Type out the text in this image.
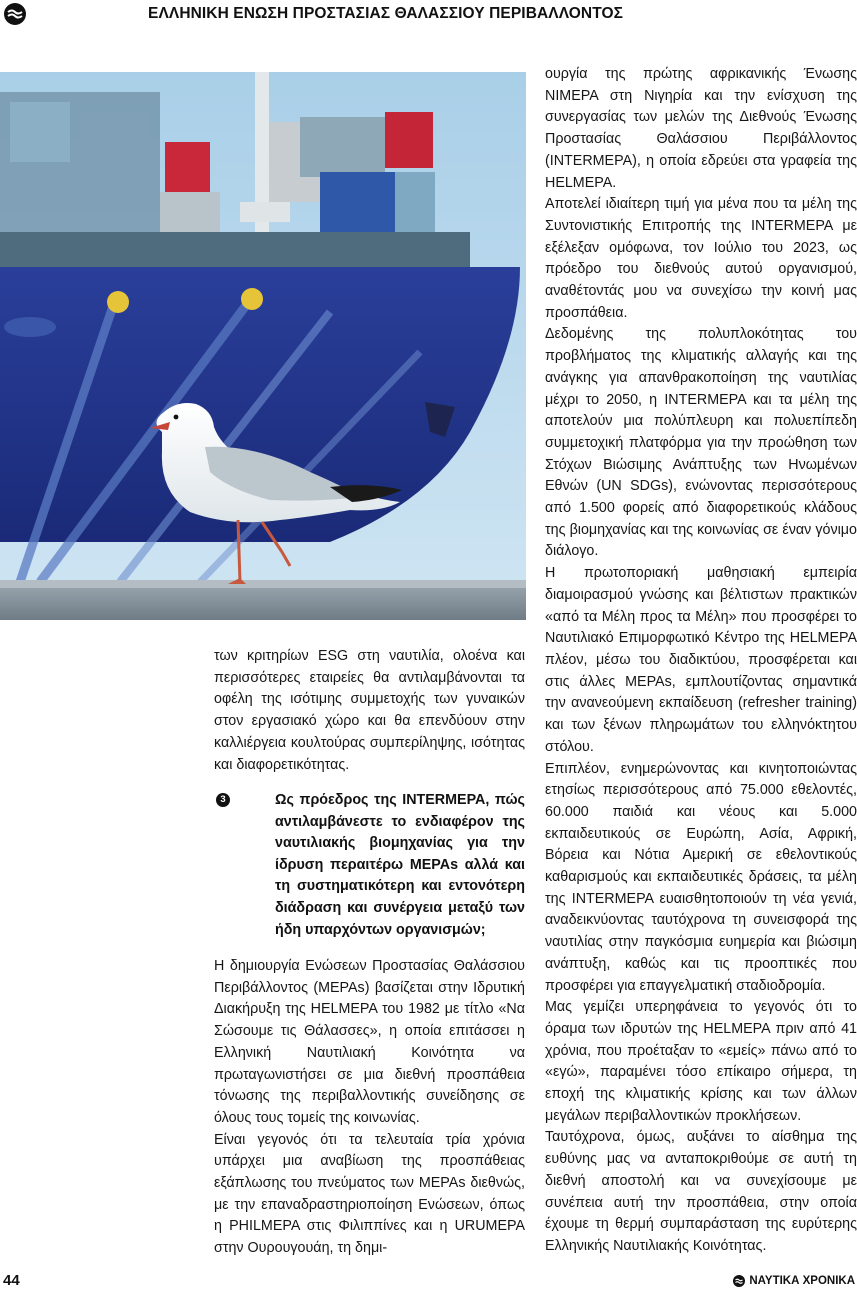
ΕΛΛΗΝΙΚΗ ΕΝΩΣΗ ΠΡΟΣΤΑΣΙΑΣ ΘΑΛΑΣΣΙΟΥ ΠΕΡΙΒΑΛΛΟΝΤΟΣ

των κριτηρίων ESG στη ναυτιλία, ολοένα και περισσότερες εταιρείες θα αντιλαμβάνονται τα οφέλη της ισότιμης συμμετοχής των γυναικών στον εργασιακό χώρο και θα επενδύουν στην καλλιέργεια κουλτούρας συμπερίληψης, ισότητας και διαφορετικότητας.

3	Ως πρόεδρος της INTERMEPA, πώς αντιλαμβάνεστε το ενδιαφέρον της ναυτιλιακής βιομηχανίας για την ίδρυση περαιτέρω MEPAs αλλά και τη συστηματικότερη και εντονότερη διάδραση και συνέργεια μεταξύ των ήδη υπαρχόντων οργανισμών;

Η δημιουργία Ενώσεων Προστασίας Θαλάσσιου Περιβάλλοντος (MEPAs) βασίζεται στην Ιδρυτική Διακήρυξη της HELMEPA του 1982 με τίτλο «Να Σώσουμε τις Θάλασσες», η οποία επιτάσσει η Ελληνική Ναυτιλιακή Κοινότητα να πρωταγωνιστήσει σε μια διεθνή προσπάθεια τόνωσης της περιβαλλοντικής συνείδησης σε όλους τους τομείς της κοινωνίας.

Είναι γεγονός ότι τα τελευταία τρία χρόνια υπάρχει μια αναβίωση της προσπάθειας εξάπλωσης του πνεύματος των MEPAs διεθνώς, με την επαναδραστηριοποίηση Ενώσεων, όπως η PHILMEPA στις Φιλιππίνες και η URUMEPA στην Ουρουγουάη, τη δημι-

ουργία της πρώτης αφρικανικής Ένωσης NIMEPA στη Νιγηρία και την ενίσχυση της συνεργασίας των μελών της Διεθνούς Ένωσης Προστασίας Θαλάσσιου Περιβάλλοντος (INTERMEPA), η οποία εδρεύει στα γραφεία της HELMEPA.

Αποτελεί ιδιαίτερη τιμή για μένα που τα μέλη της Συντονιστικής Επιτροπής της INTERMEPA με εξέλεξαν ομόφωνα, τον Ιούλιο του 2023, ως πρόεδρο του διεθνούς αυτού οργανισμού, αναθέτοντάς μου να συνεχίσω την κοινή μας προσπάθεια.

Δεδομένης της πολυπλοκότητας του προβλήματος της κλιματικής αλλαγής και της ανάγκης για απανθρακοποίηση της ναυτιλίας μέχρι το 2050, η INTERMEPA και τα μέλη της αποτελούν μια πολύπλευρη και πολυεπίπεδη συμμετοχική πλατφόρμα για την προώθηση των Στόχων Βιώσιμης Ανάπτυξης των Ηνωμένων Εθνών (UN SDGs), ενώνοντας περισσότερους από 1.500 φορείς από διαφορετικούς κλάδους της βιομηχανίας και της κοινωνίας σε έναν γόνιμο διάλογο.

Η πρωτοποριακή μαθησιακή εμπειρία διαμοιρασμού γνώσης και βέλτιστων πρακτικών «από τα Μέλη προς τα Μέλη» που προσφέρει το Ναυτιλιακό Επιμορφωτικό Κέντρο της HELMEPA πλέον, μέσω του διαδικτύου, προσφέρεται και στις άλλες MEPAs, εμπλουτίζοντας σημαντικά την ανανεούμενη εκπαίδευση (refresher training) και των ξένων πληρωμάτων του ελληνόκτητου στόλου.

Επιπλέον, ενημερώνοντας και κινητοποιώντας ετησίως περισσότερους από 75.000 εθελοντές, 60.000 παιδιά και νέους και 5.000 εκπαιδευτικούς σε Ευρώπη, Ασία, Αφρική, Βόρεια και Νότια Αμερική σε εθελοντικούς καθαρισμούς και εκπαιδευτικές δράσεις, τα μέλη της INTERMEPA ευαισθητοποιούν τη νέα γενιά, αναδεικνύοντας ταυτόχρονα τη συνεισφορά της ναυτιλίας στην παγκόσμια ευημερία και βιώσιμη ανάπτυξη, καθώς και τις προοπτικές που προσφέρει για επαγγελματική σταδιοδρομία.

Μας γεμίζει υπερηφάνεια το γεγονός ότι το όραμα των ιδρυτών της HELMEPA πριν από 41 χρόνια, που προέταξαν το «εμείς» πάνω από το «εγώ», παραμένει τόσο επίκαιρο σήμερα, τη εποχή της κλιματικής κρίσης και των άλλων μεγάλων περιβαλλοντικών προκλήσεων.

Ταυτόχρονα, όμως, αυξάνει το αίσθημα της ευθύνης μας να ανταποκριθούμε σε αυτή τη διεθνή αποστολή και να συνεχίσουμε με συνέπεια αυτή την προσπάθεια, στην οποία έχουμε τη θερμή συμπαράσταση της ευρύτερης Ελληνικής Ναυτιλιακής Κοινότητας.

44	ΝΑΥΤΙΚΑ ΧΡΟΝΙΚΑ
